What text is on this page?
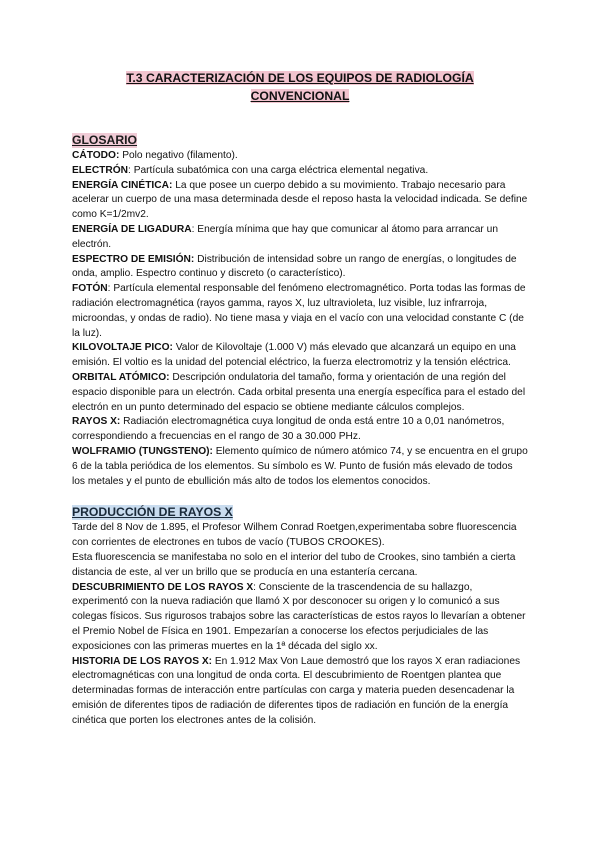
T.3 CARACTERIZACIÓN DE LOS EQUIPOS DE RADIOLOGÍA
CONVENCIONAL
GLOSARIO

CÁTODO: Polo negativo (filamento).

ELECTRÓN: Partícula subatómica con una carga eléctrica elemental negativa.

ENERGÍA CINÉTICA: La que posee un cuerpo debido a su movimiento. Trabajo necesario para acelerar un cuerpo de una masa determinada desde el reposo hasta la velocidad indicada. Se define como K=1/2mv2.

ENERGÍA DE LIGADURA: Energía mínima que hay que comunicar al átomo para arrancar un electrón.

ESPECTRO DE EMISIÓN: Distribución de intensidad sobre un rango de energías, o longitudes de onda, amplio. Espectro continuo y discreto (o característico).

FOTÓN: Partícula elemental responsable del fenómeno electromagnético. Porta todas las formas de radiación electromagnética (rayos gamma, rayos X, luz ultravioleta, luz visible, luz infrarroja, microondas, y ondas de radio). No tiene masa y viaja en el vacío con una velocidad constante C (de la luz).

KILOVOLTAJE PICO: Valor de Kilovoltaje (1.000 V) más elevado que alcanzará un equipo en una emisión. El voltio es la unidad del potencial eléctrico, la fuerza electromotriz y la tensión eléctrica.

ORBITAL ATÓMICO: Descripción ondulatoria del tamaño, forma y orientación de una región del espacio disponible para un electrón. Cada orbital presenta una energía específica para el estado del electrón en un punto determinado del espacio se obtiene mediante cálculos complejos.

RAYOS X: Radiación electromagnética cuya longitud de onda está entre 10 a 0,01 nanómetros, correspondiendo a frecuencias en el rango de 30 a 30.000 PHz.

WOLFRAMIO (TUNGSTENO): Elemento químico de número atómico 74, y se encuentra en el grupo 6 de la tabla periódica de los elementos. Su símbolo es W. Punto de fusión más elevado de todos los metales y el punto de ebullición más alto de todos los elementos conocidos.

PRODUCCIÓN DE RAYOS X

Tarde del 8 Nov de 1.895, el Profesor Wilhem Conrad Roetgen,experimentaba sobre fluorescencia con corrientes de electrones en tubos de vacío (TUBOS CROOKES).

Esta fluorescencia se manifestaba no solo en el interior del tubo de Crookes, sino también a cierta distancia de este, al ver un brillo que se producía en una estantería cercana.

DESCUBRIMIENTO DE LOS RAYOS X: Consciente de la trascendencia de su hallazgo, experimentó con la nueva radiación que llamó X por desconocer su origen y lo comunicó a sus colegas físicos. Sus rigurosos trabajos sobre las características de estos rayos lo llevarían a obtener el Premio Nobel de Física en 1901. Empezarían a conocerse los efectos perjudiciales de las exposiciones con las primeras muertes en la 1ª década del siglo xx.

HISTORIA DE LOS RAYOS X: En 1.912 Max Von Laue demostró que los rayos X eran radiaciones electromagnéticas con una longitud de onda corta. El descubrimiento de Roentgen plantea que determinadas formas de interacción entre partículas con carga y materia pueden desencadenar la emisión de diferentes tipos de radiación de diferentes tipos de radiación en función de la energía cinética que porten los electrones antes de la colisión.
